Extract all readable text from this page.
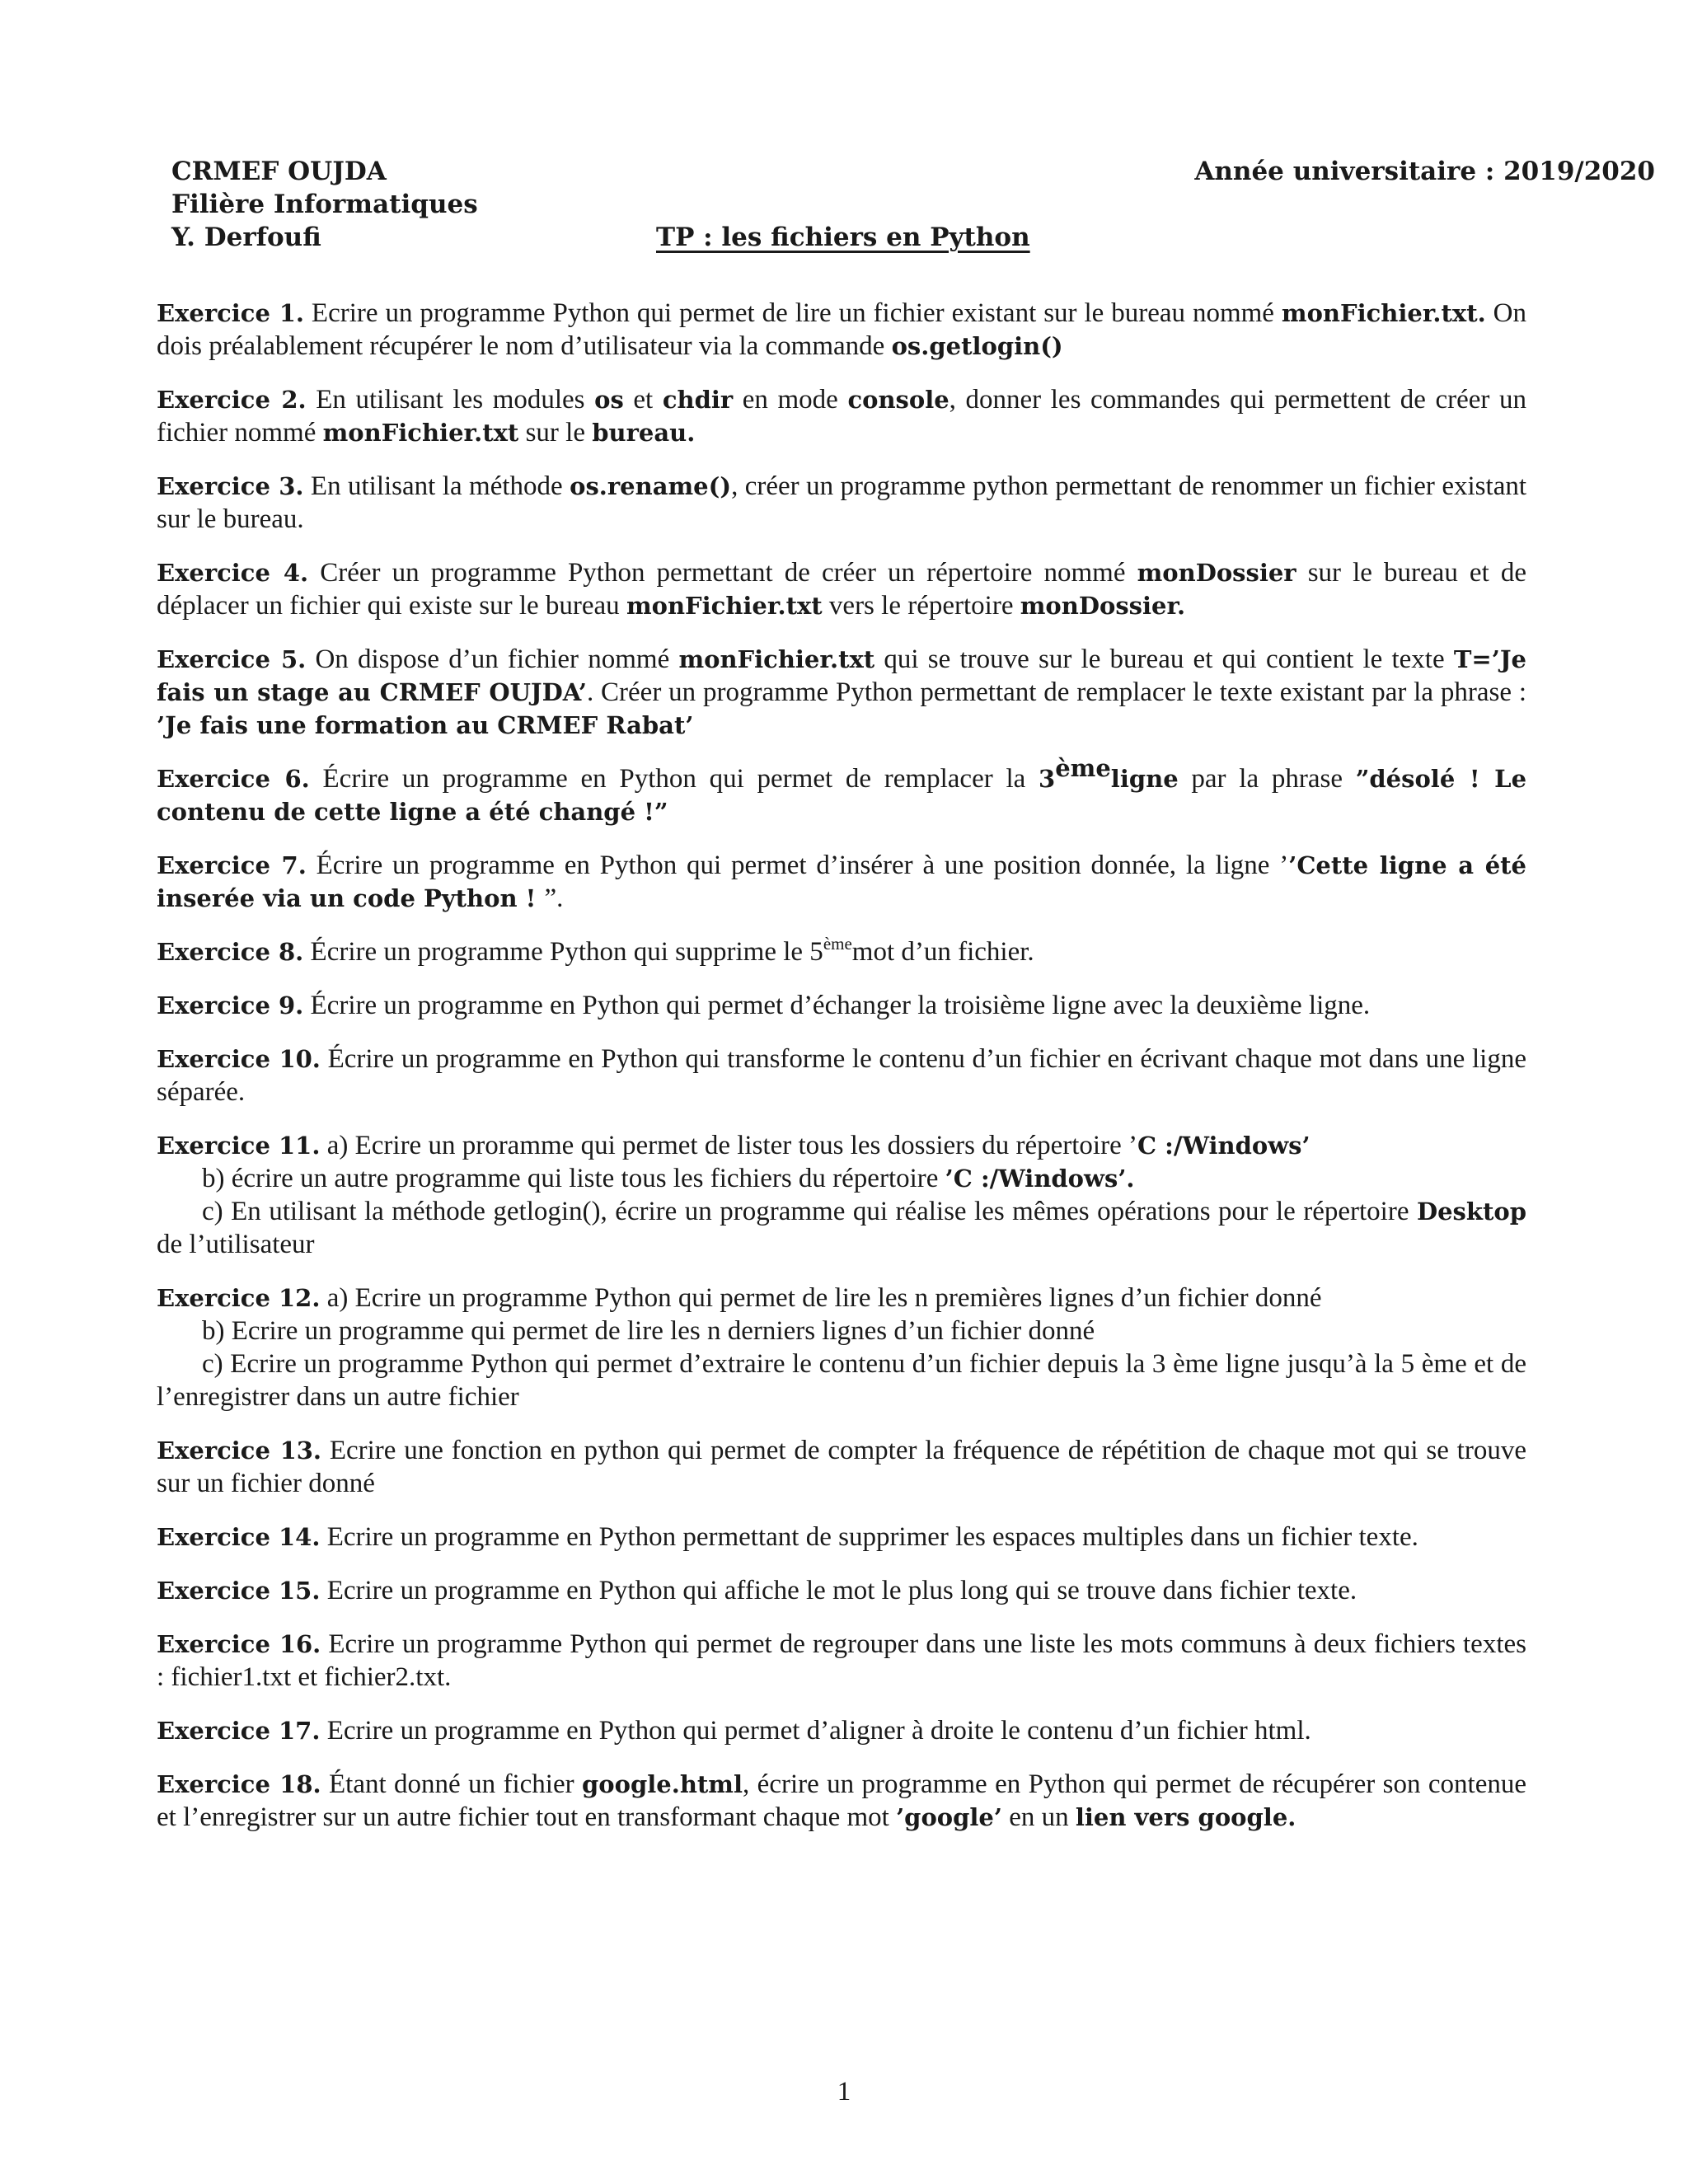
CRMEF OUJDA
Filière Informatiques
Y. Derfoufi
Année universitaire : 2019/2020
TP : les fichiers en Python

Exercice 1. Ecrire un programme Python qui permet de lire un fichier existant sur le bureau nommé monFichier.txt. On dois préalablement récupérer le nom d’utilisateur via la commande os.getlogin()

Exercice 2. En utilisant les modules os et chdir en mode console, donner les commandes qui permettent de créer un fichier nommé monFichier.txt sur le bureau.

Exercice 3. En utilisant la méthode os.rename(), créer un programme python permettant de renommer un fichier existant sur le bureau.

Exercice 4. Créer un programme Python permettant de créer un répertoire nommé monDossier sur le bureau et de déplacer un fichier qui existe sur le bureau monFichier.txt vers le répertoire monDossier.

Exercice 5. On dispose d’un fichier nommé monFichier.txt qui se trouve sur le bureau et qui contient le texte T=’Je fais un stage au CRMEF OUJDA’. Créer un programme Python permettant de remplacer le texte existant par la phrase : ’Je fais une formation au CRMEF Rabat’

Exercice 6. Écrire un programme en Python qui permet de remplacer la 3èmeligne par la phrase ”désolé ! Le contenu de cette ligne a été changé !”

Exercice 7. Écrire un programme en Python qui permet d’insérer à une position donnée, la ligne ’’Cette ligne a été inserée via un code Python ! ”.

Exercice 8. Écrire un programme Python qui supprime le 5èmemot d’un fichier.

Exercice 9. Écrire un programme en Python qui permet d’échanger la troisième ligne avec la deuxième ligne.

Exercice 10. Écrire un programme en Python qui transforme le contenu d’un fichier en écrivant chaque mot dans une ligne séparée.

Exercice 11. a) Ecrire un proramme qui permet de lister tous les dossiers du répertoire ’C :/Windows’
b) écrire un autre programme qui liste tous les fichiers du répertoire ’C :/Windows’.
c) En utilisant la méthode getlogin(), écrire un programme qui réalise les mêmes opérations pour le répertoire Desktop de l’utilisateur
Exercice 12. a) Ecrire un programme Python qui permet de lire les n premières lignes d’un fichier donné
b) Ecrire un programme qui permet de lire les n derniers lignes d’un fichier donné
c) Ecrire un programme Python qui permet d’extraire le contenu d’un fichier depuis la 3 ème ligne jusqu’à la 5 ème et de l’enregistrer dans un autre fichier

Exercice 13. Ecrire une fonction en python qui permet de compter la fréquence de répétition de chaque mot qui se trouve sur un fichier donné

Exercice 14. Ecrire un programme en Python permettant de supprimer les espaces multiples dans un fichier texte.

Exercice 15. Ecrire un programme en Python qui affiche le mot le plus long qui se trouve dans fichier texte.

Exercice 16. Ecrire un programme Python qui permet de regrouper dans une liste les mots communs à deux fichiers textes : fichier1.txt et fichier2.txt.

Exercice 17. Ecrire un programme en Python qui permet d’aligner à droite le contenu d’un fichier html.

Exercice 18. Étant donné un fichier google.html, écrire un programme en Python qui permet de récupérer son contenue et l’enregistrer sur un autre fichier tout en transformant chaque mot ’google’ en un lien vers google.

1
